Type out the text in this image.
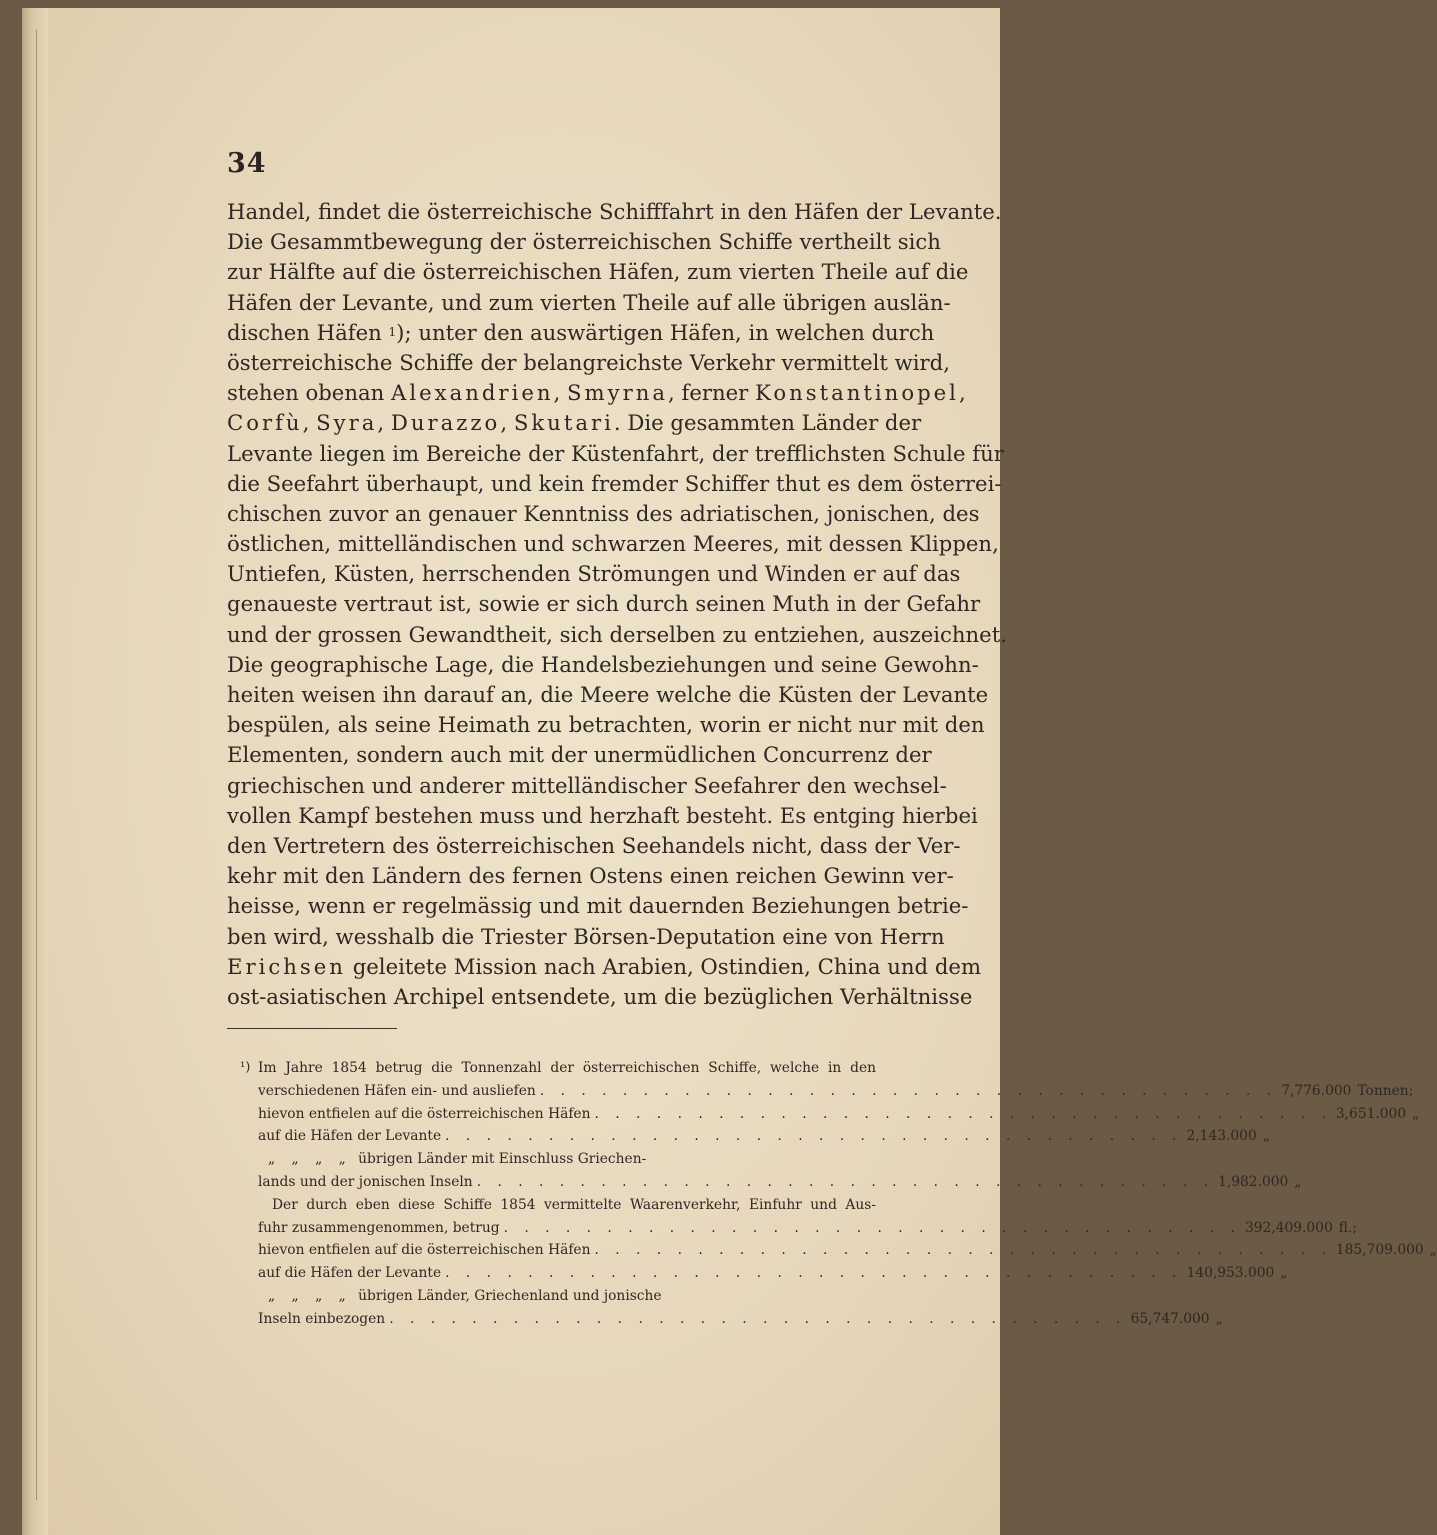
34
Handel, findet die österreichische Schifffahrt in den Häfen der Levante.
Die Gesammtbewegung der österreichischen Schiffe vertheilt sich
zur Hälfte auf die österreichischen Häfen, zum vierten Theile auf die
Häfen der Levante, und zum vierten Theile auf alle übrigen auslän-
dischen Häfen $^1$); unter den auswärtigen Häfen, in welchen durch
österreichische Schiffe der belangreichste Verkehr vermittelt wird,
stehen obenan Alexandrien, Smyrna, ferner Konstantinopel,
Corfù, Syra, Durazzo, Skutari. Die gesammten Länder der
Levante liegen im Bereiche der Küstenfahrt, der trefflichsten Schule für
die Seefahrt überhaupt, und kein fremder Schiffer thut es dem österrei-
chischen zuvor an genauer Kenntniss des adriatischen, jonischen, des
östlichen, mittelländischen und schwarzen Meeres, mit dessen Klippen,
Untiefen, Küsten, herrschenden Strömungen und Winden er auf das
genaueste vertraut ist, sowie er sich durch seinen Muth in der Gefahr
und der grossen Gewandtheit, sich derselben zu entziehen, auszeichnet.
Die geographische Lage, die Handelsbeziehungen und seine Gewohn-
heiten weisen ihn darauf an, die Meere welche die Küsten der Levante
bespülen, als seine Heimath zu betrachten, worin er nicht nur mit den
Elementen, sondern auch mit der unermüdlichen Concurrenz der
griechischen und anderer mittelländischer Seefahrer den wechsel-
vollen Kampf bestehen muss und herzhaft besteht. Es entging hierbei
den Vertretern des österreichischen Seehandels nicht, dass der Ver-
kehr mit den Ländern des fernen Ostens einen reichen Gewinn ver-
heisse, wenn er regelmässig und mit dauernden Beziehungen betrie-
ben wird, wesshalb die Triester Börsen-Deputation eine von Herrn
Erichsen geleitete Mission nach Arabien, Ostindien, China und dem
ost-asiatischen Archipel entsendete, um die bezüglichen Verhältnisse
¹) Im Jahre 1854 betrug die Tonnenzahl der österreichischen Schiffe, welche in den
verschiedenen Häfen ein- und ausliefen . . . . . . . . . . . . . . . . . . . . . . . . . . . . . . . . . . . . 7,776.000 Tonnen;
hievon entfielen auf die österreichischen Häfen . . . . . . . . . . . . . . . . . . . . . . . . . . . . . . . . . . . . 3,651.000 „
auf die Häfen der Levante . . . . . . . . . . . . . . . . . . . . . . . . . . . . . . . . . . . . 2,143.000 „
„ „ „ „ übrigen Länder mit Einschluss Griechen-
lands und der jonischen Inseln . . . . . . . . . . . . . . . . . . . . . . . . . . . . . . . . . . . . 1,982.000 „
Der durch eben diese Schiffe 1854 vermittelte Waarenverkehr, Einfuhr und Aus-
fuhr zusammengenommen, betrug . . . . . . . . . . . . . . . . . . . . . . . . . . . . . . . . . . . . 392,409.000 fl.;
hievon entfielen auf die österreichischen Häfen . . . . . . . . . . . . . . . . . . . . . . . . . . . . . . . . . . . . 185,709.000 „
auf die Häfen der Levante . . . . . . . . . . . . . . . . . . . . . . . . . . . . . . . . . . . . 140,953.000 „
„ „ „ „ übrigen Länder, Griechenland und jonische
Inseln einbezogen . . . . . . . . . . . . . . . . . . . . . . . . . . . . . . . . . . . . 65,747.000 „
